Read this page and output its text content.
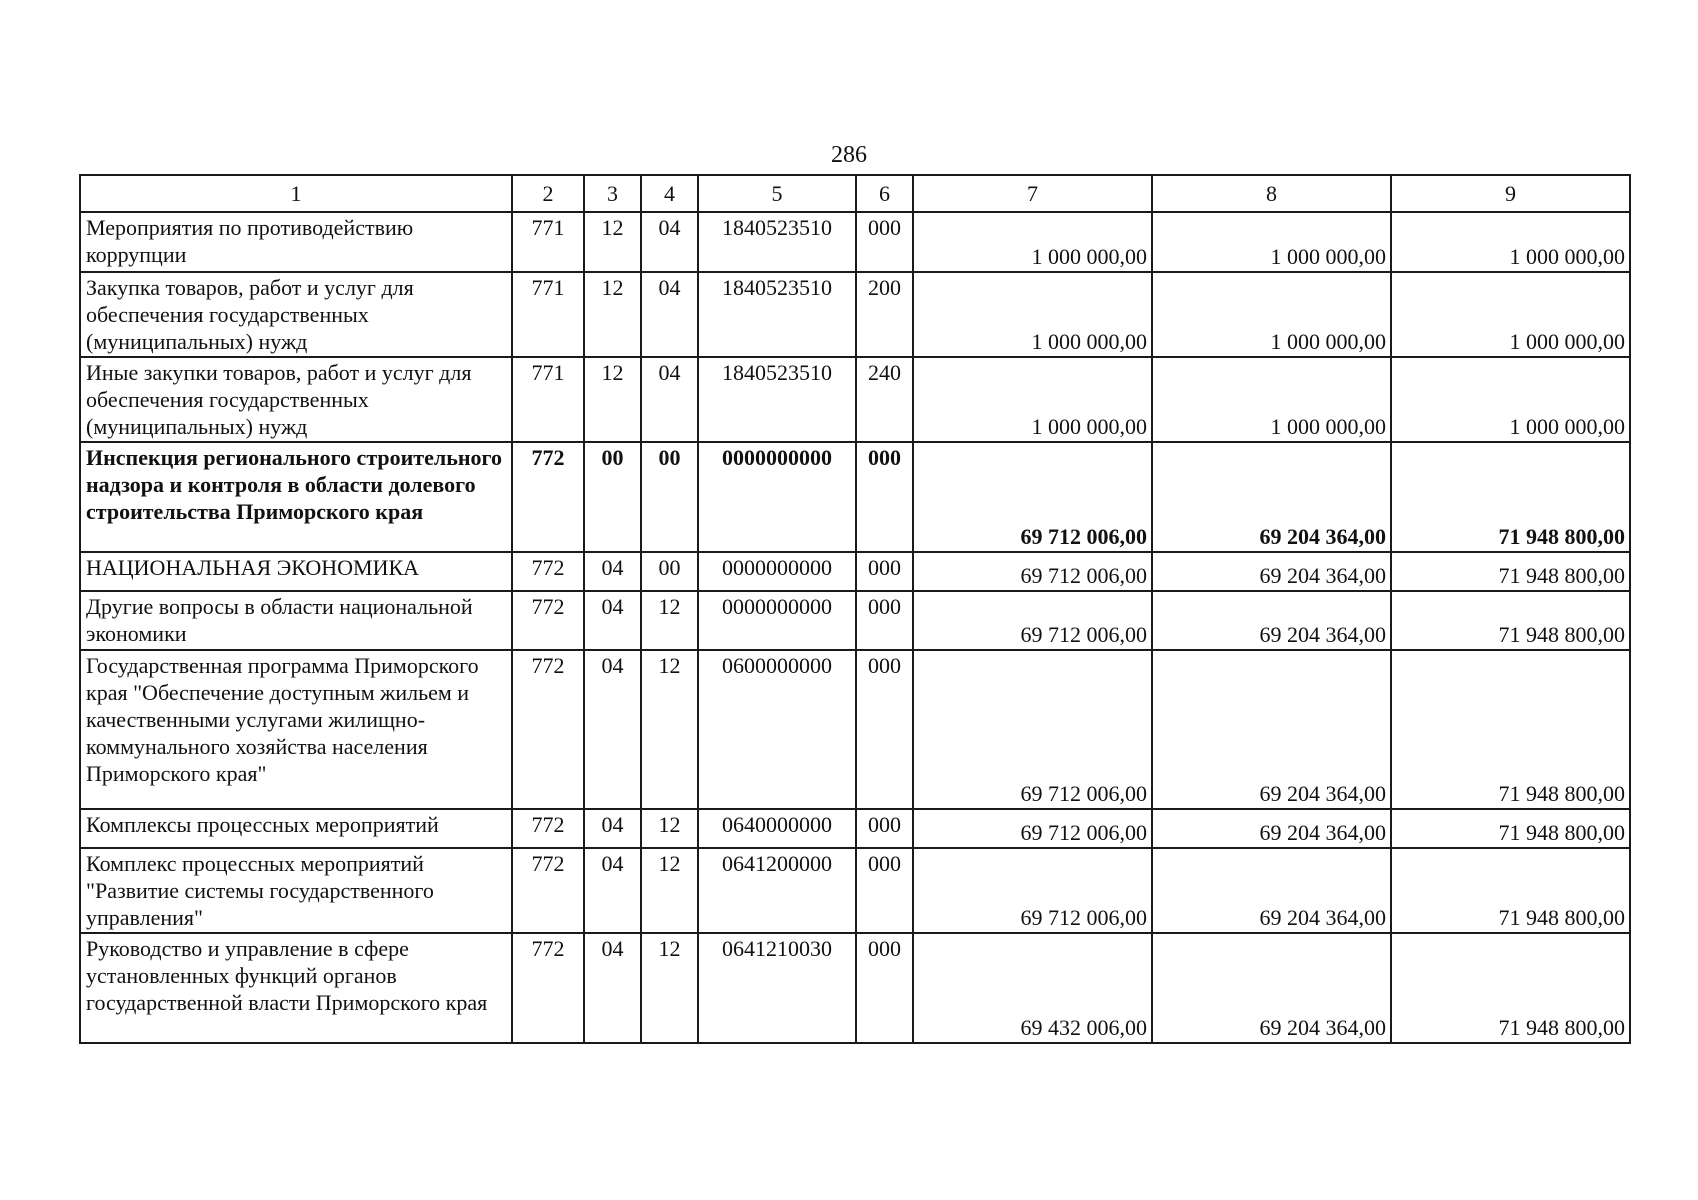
286
1	2	3	4	5	6	7	8	9
Мероприятия по противодействию коррупции	771	12	04	1840523510	000	1 000 000,00	1 000 000,00	1 000 000,00
Закупка товаров, работ и услуг для обеспечения государственных (муниципальных) нужд	771	12	04	1840523510	200	1 000 000,00	1 000 000,00	1 000 000,00
Иные закупки товаров, работ и услуг для обеспечения государственных (муниципальных) нужд	771	12	04	1840523510	240	1 000 000,00	1 000 000,00	1 000 000,00
Инспекция регионального строительного надзора и контроля в области долевого строительства Приморского края	772	00	00	0000000000	000	69 712 006,00	69 204 364,00	71 948 800,00
НАЦИОНАЛЬНАЯ ЭКОНОМИКА	772	04	00	0000000000	000	69 712 006,00	69 204 364,00	71 948 800,00
Другие вопросы в области национальной экономики	772	04	12	0000000000	000	69 712 006,00	69 204 364,00	71 948 800,00
Государственная программа Приморского края "Обеспечение доступным жильем и качественными услугами жилищно-коммунального хозяйства населения Приморского края"	772	04	12	0600000000	000	69 712 006,00	69 204 364,00	71 948 800,00
Комплексы процессных мероприятий	772	04	12	0640000000	000	69 712 006,00	69 204 364,00	71 948 800,00
Комплекс процессных мероприятий "Развитие системы государственного управления"	772	04	12	0641200000	000	69 712 006,00	69 204 364,00	71 948 800,00
Руководство и управление в сфере установленных функций органов государственной власти Приморского края	772	04	12	0641210030	000	69 432 006,00	69 204 364,00	71 948 800,00
